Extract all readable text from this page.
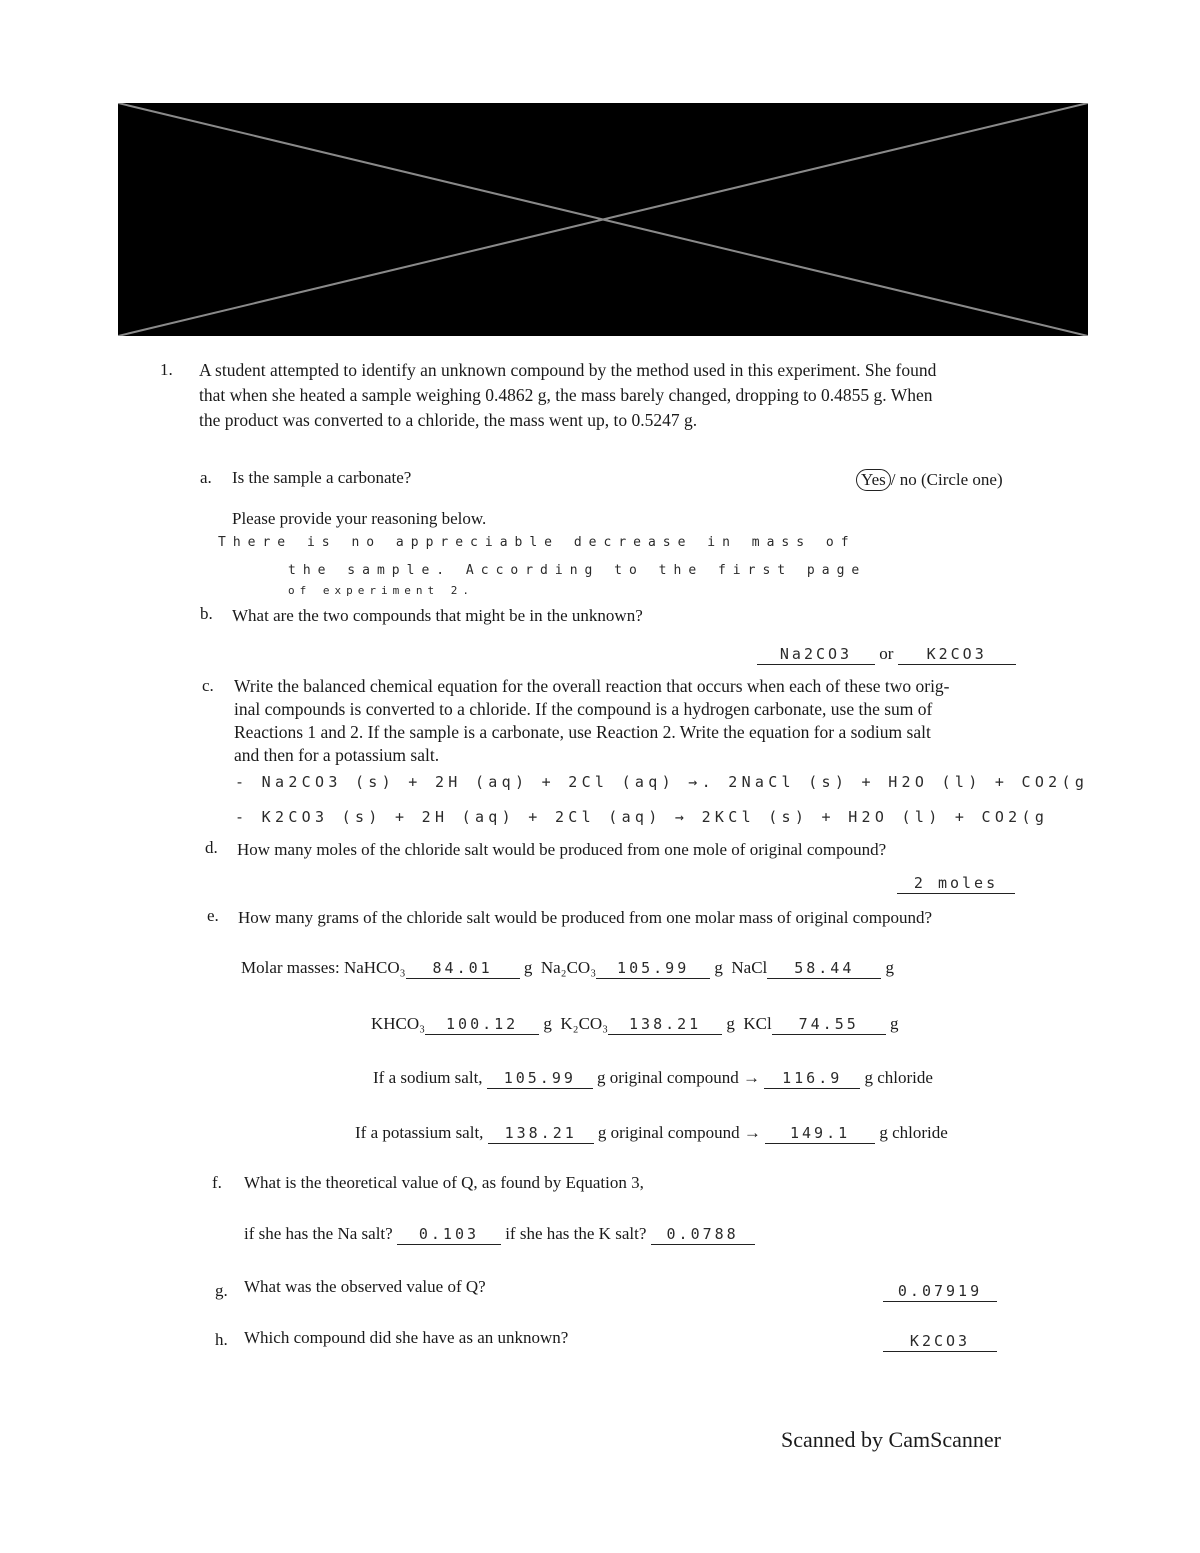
1. A student attempted to identify an unknown compound by the method used in this experiment. She found
that when she heated a sample weighing 0.4862 g, the mass barely changed, dropping to 0.4855 g. When
the product was converted to a chloride, the mass went up, to 0.5247 g.
a. Is the sample a carbonate?	Yes / no (Circle one)
Please provide your reasoning below.
There is no appreciable decrease in mass of
the sample. According to the first page
of experiment 2.
b. What are the two compounds that might be in the unknown?
Na2CO3 or K2CO3
c. Write the balanced chemical equation for the overall reaction that occurs when each of these two orig-
inal compounds is converted to a chloride. If the compound is a hydrogen carbonate, use the sum of
Reactions 1 and 2. If the sample is a carbonate, use Reaction 2. Write the equation for a sodium salt
and then for a potassium salt.
- Na2CO3 (s) + 2H (aq) + 2Cl (aq) →. 2NaCl (s) + H2O (l) + CO2(g
- K2CO3 (s) + 2H (aq) + 2Cl (aq) → 2KCl (s) + H2O (l) + CO2(g
d. How many moles of the chloride salt would be produced from one mole of original compound?
2 moles
e. How many grams of the chloride salt would be produced from one molar mass of original compound?
Molar masses: NaHCO₃ 84.01 g Na₂CO₃ 105.99 g NaCl 58.44 g
KHCO₃ 100.12 g K₂CO₃ 138.21 g KCl 74.55 g
If a sodium salt, 105.99 g original compound → 116.9 g chloride
If a potassium salt, 138.21 g original compound → 149.1 g chloride
f. What is the theoretical value of Q, as found by Equation 3,
if she has the Na salt? 0.103 if she has the K salt? 0.0788
g. What was the observed value of Q?	0.07919
h. Which compound did she have as an unknown?	K2CO3
Scanned by CamScanner
